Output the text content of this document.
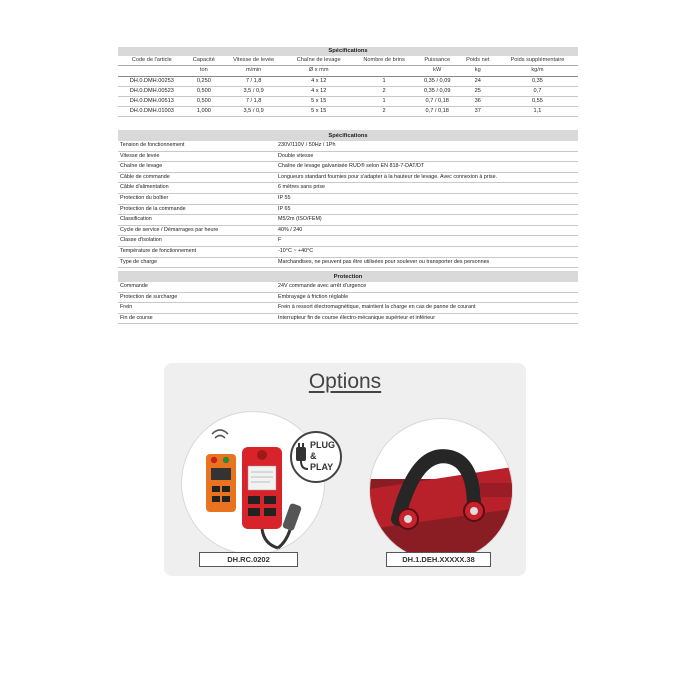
Spécifications							
Code de l'article	Capacité	Vitesse de levée	Chaîne de levage	Nombre de brins	Puissance	Poids net	Poids supplémentaire
	ton	m/min	Ø x mm		kW	kg	kg/m
DH.0.DMH.00253	0,250	7 / 1,8	4 x 12	1	0,35 / 0,09	24	0,35
DH.0.DMH.00523	0,500	3,5 / 0,9	4 x 12	2	0,35 / 0,09	25	0,7
DH.0.DMH.00513	0,500	7 / 1,8	5 x 15	1	0,7 / 0,18	36	0,55
DH.0.DMH.01003	1,000	3,5 / 0,9	5 x 15	2	0,7 / 0,18	37	1,1
Spécifications	
Tension de fonctionnement	230V/110V / 50Hz / 1Ph
Vitesse de levée	Double vitesse
Chaîne de levage	Chaîne de levage galvanisée RUD® selon EN 818-7-DAT/DT
Câble de commande	Longueurs standard fournies pour s'adapter à la hauteur de levage. Avec connexion à prise.
Câble d'alimentation	6 mètres sans prise
Protection du boîtier	IP 55
Protection de la commande	IP 65
Classification	M5/2m (ISO/FEM)
Cycle de service / Démarrages par heure	40% / 240
Classe d'isolation	F
Température de fonctionnement	-10°C ~ +40°C
Type de charge	Marchandises, ne peuvent pas être utilisées pour soulever ou transporter des personnes
Protection	
Commande	24V commande avec arrêt d'urgence
Protection de surcharge	Embrayage à friction réglable
Frein	Frein à ressort électromagnétique, maintient la charge en cas de panne de courant
Fin de course	Interrupteur fin de course électro-mécanique supérieur et inférieur
Options
PLUG &
PLAY
DH.RC.0202	DH.1.DEH.XXXXX.38
